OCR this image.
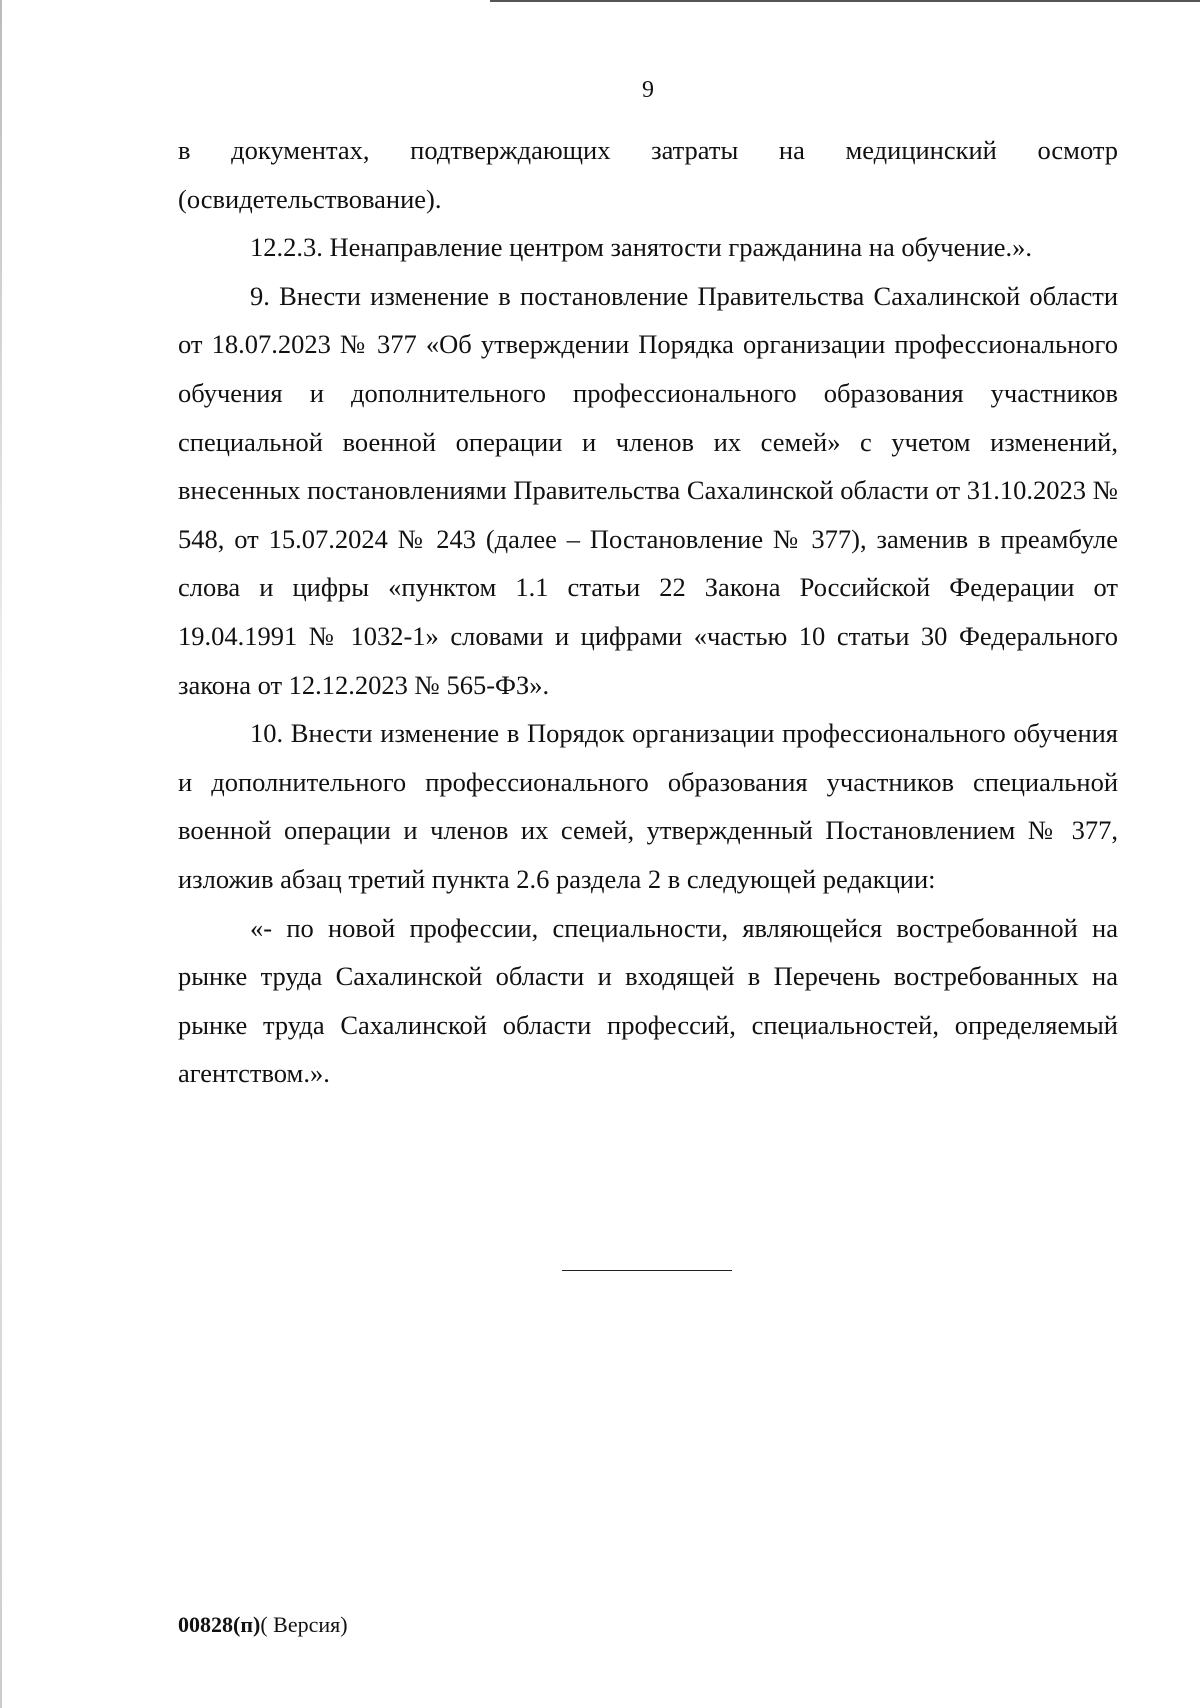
9

в документах, подтверждающих затраты на медицинский осмотр (освидетельствование).

12.2.3. Ненаправление центром занятости гражданина на обучение.».

9. Внести изменение в постановление Правительства Сахалинской области от 18.07.2023 № 377 «Об утверждении Порядка организации профессионального обучения и дополнительного профессионального образования участников специальной военной операции и членов их семей» с учетом изменений, внесенных постановлениями Правительства Сахалинской области от 31.10.2023 № 548, от 15.07.2024 № 243 (далее – Постановление № 377), заменив в преамбуле слова и цифры «пунктом 1.1 статьи 22 Закона Российской Федерации от 19.04.1991 № 1032-1» словами и цифрами «частью 10 статьи 30 Федерального закона от 12.12.2023 № 565-ФЗ».

10. Внести изменение в Порядок организации профессионального обучения и дополнительного профессионального образования участников специальной военной операции и членов их семей, утвержденный Постановлением № 377, изложив абзац третий пункта 2.6 раздела 2 в следующей редакции:

«- по новой профессии, специальности, являющейся востребованной на рынке труда Сахалинской области и входящей в Перечень востребованных на рынке труда Сахалинской области профессий, специальностей, определяемый агентством.».

00828(п)( Версия)
